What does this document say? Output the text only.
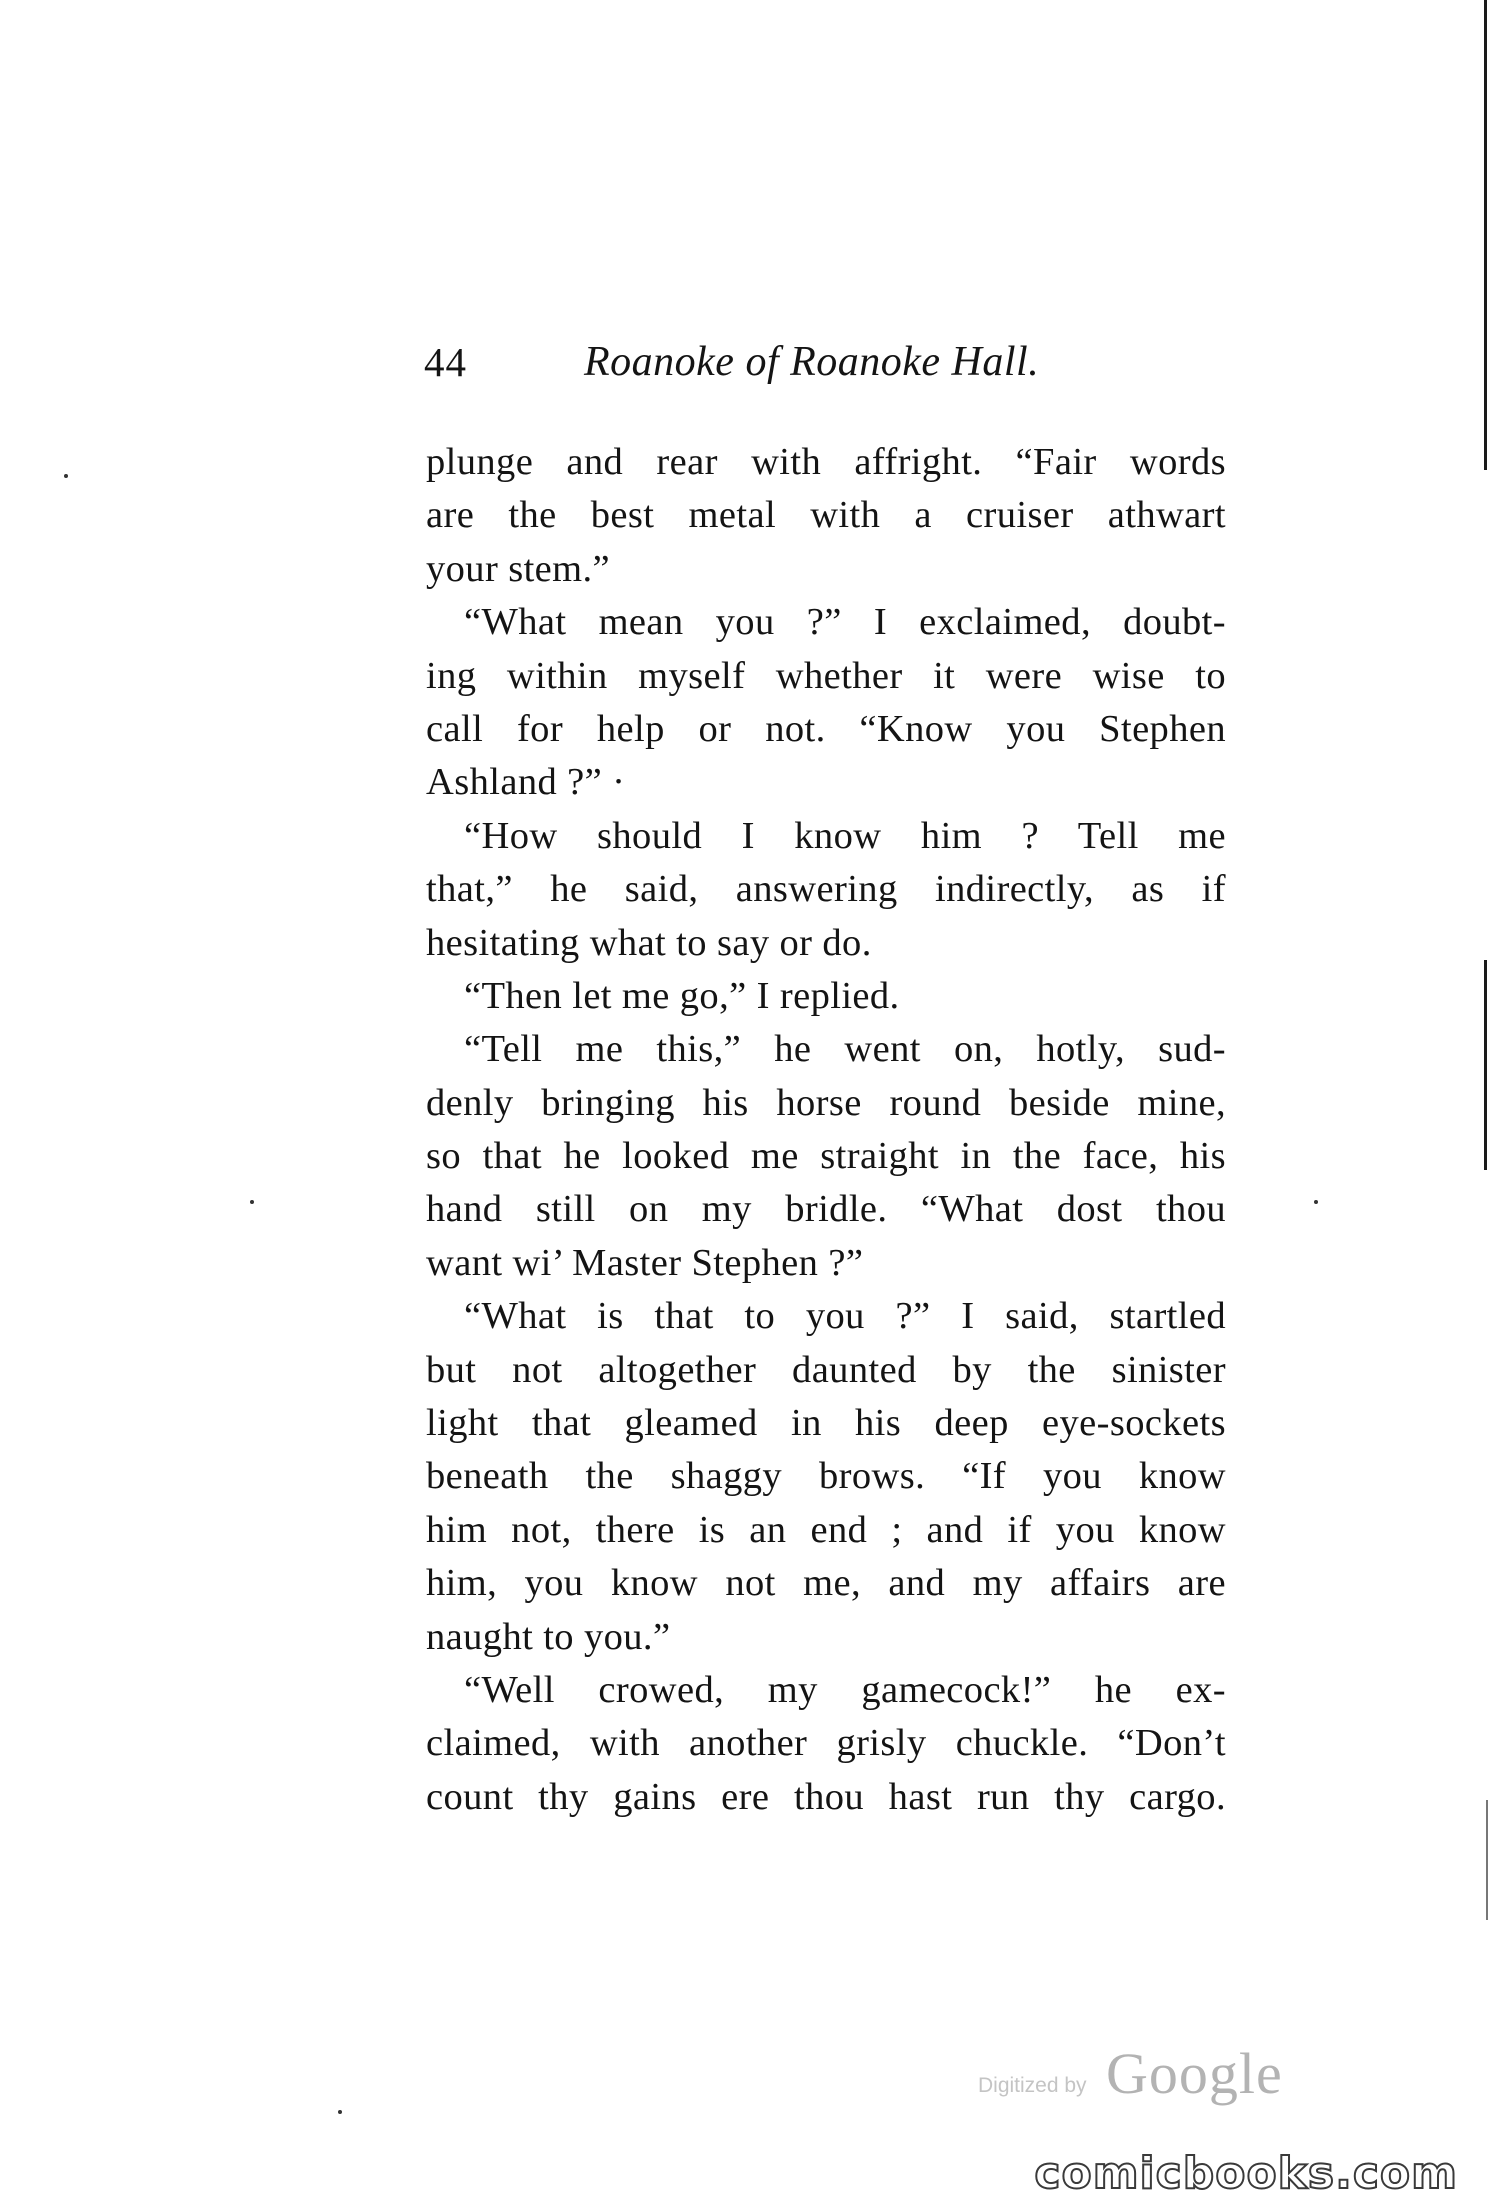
44	Roanoke of Roanoke Hall.
plunge and rear with affright. “Fair words
are the best metal with a cruiser athwart
your stem.”
“What mean you ?” I exclaimed, doubt-
ing within myself whether it were wise to
call for help or not. “Know you Stephen
Ashland ?” ·
“How should I know him ? Tell me
that,” he said, answering indirectly, as if
hesitating what to say or do.
“Then let me go,” I replied.
“Tell me this,” he went on, hotly, sud-
denly bringing his horse round beside mine,
so that he looked me straight in the face, his
hand still on my bridle. “What dost thou
want wi’ Master Stephen ?”
“What is that to you ?” I said, startled
but not altogether daunted by the sinister
light that gleamed in his deep eye-sockets
beneath the shaggy brows. “If you know
him not, there is an end ; and if you know
him, you know not me, and my affairs are
naught to you.”
“Well crowed, my gamecock!” he ex-
claimed, with another grisly chuckle. “Don’t
count thy gains ere thou hast run thy cargo.
Digitized by Google
comicbooks.com
